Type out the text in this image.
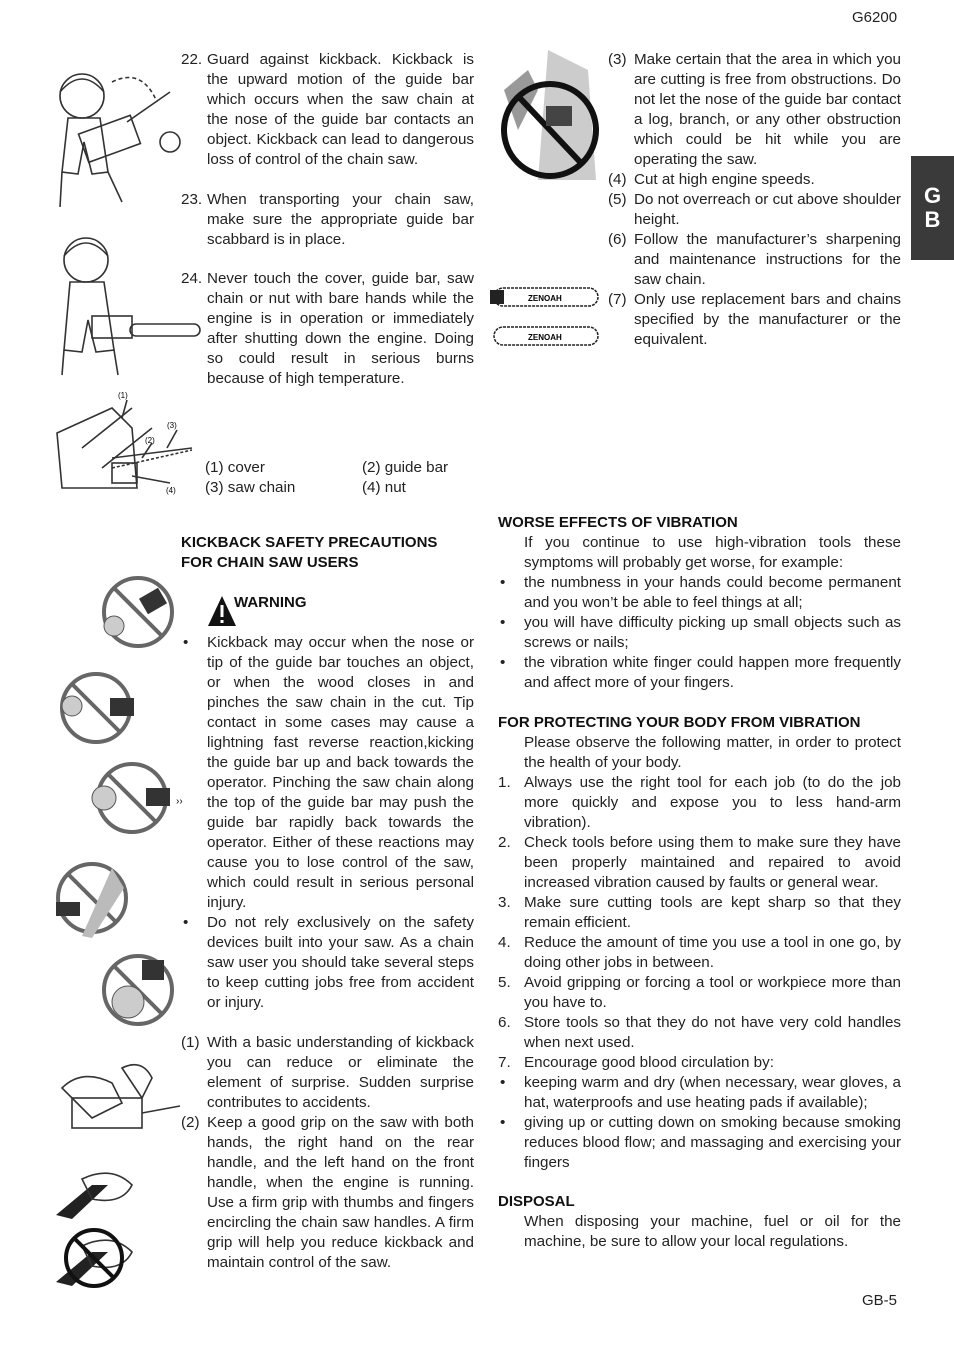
G6200
G
B
GB-5
22. Guard against kickback. Kickback is the upward motion of the guide bar which occurs when the saw chain at the nose of the guide bar contacts an object. Kickback can lead to dangerous loss of control of the chain saw.
23. When transporting your chain saw, make sure the appropriate guide bar scabbard is in place.
24. Never touch the cover, guide bar, saw chain or nut with bare hands while the engine is in operation or immediately after shutting down the engine. Doing so could result in serious burns because of high temperature.
(1)
(2)
(3)
(4)
(1) cover	(2) guide bar
(3) saw chain	(4) nut
KICKBACK SAFETY PRECAUTIONS
FOR CHAIN SAW USERS
WARNING
››
• Kickback may occur when the nose or tip of the guide bar touches an object, or when the wood closes in and pinches the saw chain in the cut. Tip contact in some cases may cause a lightning fast reverse reaction,kicking the guide bar up and back towards the operator. Pinching the saw chain along the top of the guide bar may push the guide bar rapidly back towards the operator. Either of these reactions may cause you to lose control of the saw, which could result in serious personal injury.
• Do not rely exclusively on the safety devices built into your saw. As a chain saw user you should take several steps to keep cutting jobs free from accident or injury.
(1) With a basic understanding of kickback you can reduce or eliminate the element of surprise. Sudden surprise contributes to accidents.
(2) Keep a good grip on the saw with both hands, the right hand on the rear handle, and the left hand on the front handle, when the engine is running. Use a firm grip with thumbs and fingers encircling the chain saw handles. A firm grip will help you reduce kickback and maintain control of the saw.
ZENOAH
ZENOAH
(3) Make certain that the area in which you are cutting is free from obstructions. Do not let the nose of the guide bar contact a log, branch, or any other obstruction which could be hit while you are operating the saw.
(4) Cut at high engine speeds.
(5) Do not overreach or cut above shoulder height.
(6) Follow the manufacturer’s sharpening and maintenance instructions for the saw chain.
(7) Only use replacement bars and chains specified by the manufacturer or the equivalent.
WORSE EFFECTS OF VIBRATION
If you continue to use high-vibration tools these symptoms will probably get worse, for example:
• the numbness in your hands could become permanent and you won’t be able to feel things at all;
• you will have difficulty picking up small objects such as screws or nails;
• the vibration white finger could happen more frequently and affect more of your fingers.
FOR PROTECTING YOUR BODY FROM VIBRATION
Please observe the following matter, in order to protect the health of your body.
1. Always use the right tool for each job (to do the job more quickly and expose you to less hand-arm vibration).
2. Check tools before using them to make sure they have been properly maintained and repaired to avoid increased vibration caused by faults or general wear.
3. Make sure cutting tools are kept sharp so that they remain efficient.
4. Reduce the amount of time you use a tool in one go, by doing other jobs in between.
5. Avoid gripping or forcing a tool or workpiece more than you have to.
6. Store tools so that they do not have very cold handles when next used.
7. Encourage good blood circulation by:
• keeping warm and dry (when necessary, wear gloves, a hat, waterproofs and use heating pads if available);
• giving up or cutting down on smoking because smoking reduces blood flow; and massaging and exercising your fingers
DISPOSAL
When disposing your machine, fuel or oil for the machine, be sure to allow your local regulations.
